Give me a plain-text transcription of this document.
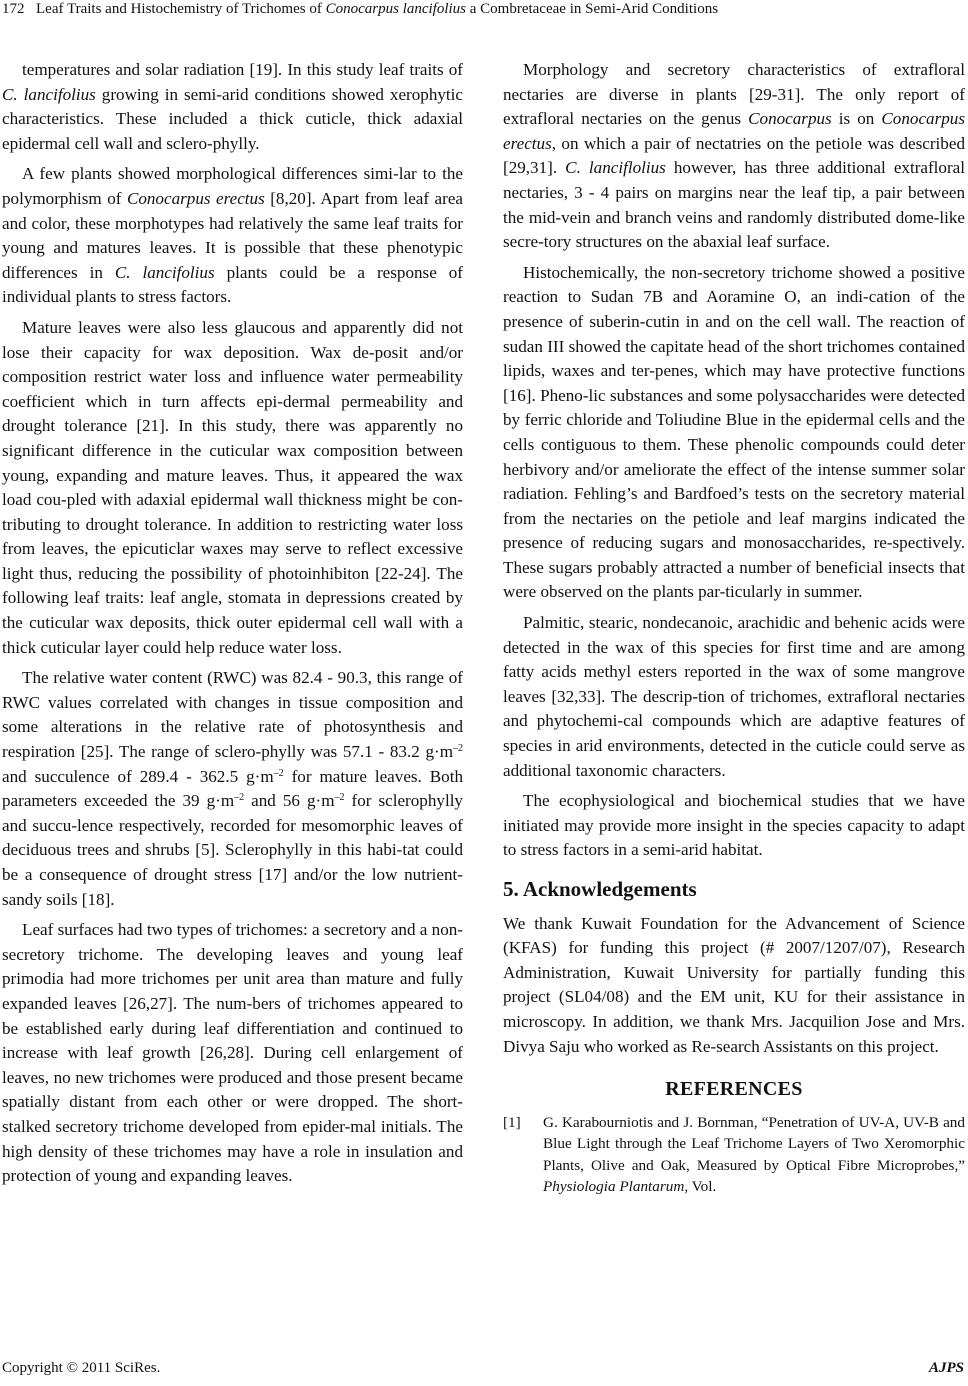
172 Leaf Traits and Histochemistry of Trichomes of Conocarpus lancifolius a Combretaceae in Semi-Arid Conditions

temperatures and solar radiation [19]. In this study leaf traits of C. lancifolius growing in semi-arid conditions showed xerophytic characteristics. These included a thick cuticle, thick adaxial epidermal cell wall and sclero-phylly.

A few plants showed morphological differences simi-lar to the polymorphism of Conocarpus erectus [8,20]. Apart from leaf area and color, these morphotypes had relatively the same leaf traits for young and matures leaves. It is possible that these phenotypic differences in C. lancifolius plants could be a response of individual plants to stress factors.

Mature leaves were also less glaucous and apparently did not lose their capacity for wax deposition. Wax de-posit and/or composition restrict water loss and influence water permeability coefficient which in turn affects epi-dermal permeability and drought tolerance [21]. In this study, there was apparently no significant difference in the cuticular wax composition between young, expanding and mature leaves. Thus, it appeared the wax load cou-pled with adaxial epidermal wall thickness might be con-tributing to drought tolerance. In addition to restricting water loss from leaves, the epicuticlar waxes may serve to reflect excessive light thus, reducing the possibility of photoinhibiton [22-24]. The following leaf traits: leaf angle, stomata in depressions created by the cuticular wax deposits, thick outer epidermal cell wall with a thick cuticular layer could help reduce water loss.

The relative water content (RWC) was 82.4 - 90.3, this range of RWC values correlated with changes in tissue composition and some alterations in the relative rate of photosynthesis and respiration [25]. The range of sclero-phylly was 57.1 - 83.2 $g\cdot m^{-2}$ and succulence of 289.4 - 362.5 $g\cdot m^{-2}$ for mature leaves. Both parameters exceeded the 39 $g\cdot m^{-2}$ and 56 $g\cdot m^{-2}$ for sclerophylly and succu-lence respectively, recorded for mesomorphic leaves of deciduous trees and shrubs [5]. Sclerophylly in this habi-tat could be a consequence of drought stress [17] and/or the low nutrient-sandy soils [18].

Leaf surfaces had two types of trichomes: a secretory and a non-secretory trichome. The developing leaves and young leaf primodia had more trichomes per unit area than mature and fully expanded leaves [26,27]. The num-bers of trichomes appeared to be established early during leaf differentiation and continued to increase with leaf growth [26,28]. During cell enlargement of leaves, no new trichomes were produced and those present became spatially distant from each other or were dropped. The short-stalked secretory trichome developed from epider-mal initials. The high density of these trichomes may have a role in insulation and protection of young and expanding leaves.

Morphology and secretory characteristics of extrafloral nectaries are diverse in plants [29-31]. The only report of extrafloral nectaries on the genus Conocarpus is on Conocarpus erectus, on which a pair of nectatries on the petiole was described [29,31]. C. lanciflolius however, has three additional extrafloral nectaries, 3 - 4 pairs on margins near the leaf tip, a pair between the mid-vein and branch veins and randomly distributed dome-like secre-tory structures on the abaxial leaf surface.

Histochemically, the non-secretory trichome showed a positive reaction to Sudan 7B and Aoramine O, an indi-cation of the presence of suberin-cutin in and on the cell wall. The reaction of sudan III showed the capitate head of the short trichomes contained lipids, waxes and ter-penes, which may have protective functions [16]. Pheno-lic substances and some polysaccharides were detected by ferric chloride and Toliudine Blue in the epidermal cells and the cells contiguous to them. These phenolic compounds could deter herbivory and/or ameliorate the effect of the intense summer solar radiation. Fehling’s and Bardfoed’s tests on the secretory material from the nectaries on the petiole and leaf margins indicated the presence of reducing sugars and monosaccharides, re-spectively. These sugars probably attracted a number of beneficial insects that were observed on the plants par-ticularly in summer.

Palmitic, stearic, nondecanoic, arachidic and behenic acids were detected in the wax of this species for first time and are among fatty acids methyl esters reported in the wax of some mangrove leaves [32,33]. The descrip-tion of trichomes, extrafloral nectaries and phytochemi-cal compounds which are adaptive features of species in arid environments, detected in the cuticle could serve as additional taxonomic characters.

The ecophysiological and biochemical studies that we have initiated may provide more insight in the species capacity to adapt to stress factors in a semi-arid habitat.

5. Acknowledgements

We thank Kuwait Foundation for the Advancement of Science (KFAS) for funding this project (# 2007/1207/07), Research Administration, Kuwait University for partially funding this project (SL04/08) and the EM unit, KU for their assistance in microscopy. In addition, we thank Mrs. Jacquilion Jose and Mrs. Divya Saju who worked as Re-search Assistants on this project.

REFERENCES
[1]	G. Karabourniotis and J. Bornman, “Penetration of UV-A, UV-B and Blue Light through the Leaf Trichome Layers of Two Xeromorphic Plants, Olive and Oak, Measured by Optical Fibre Microprobes,” Physiologia Plantarum, Vol.
Copyright © 2011 SciRes.	AJPS
